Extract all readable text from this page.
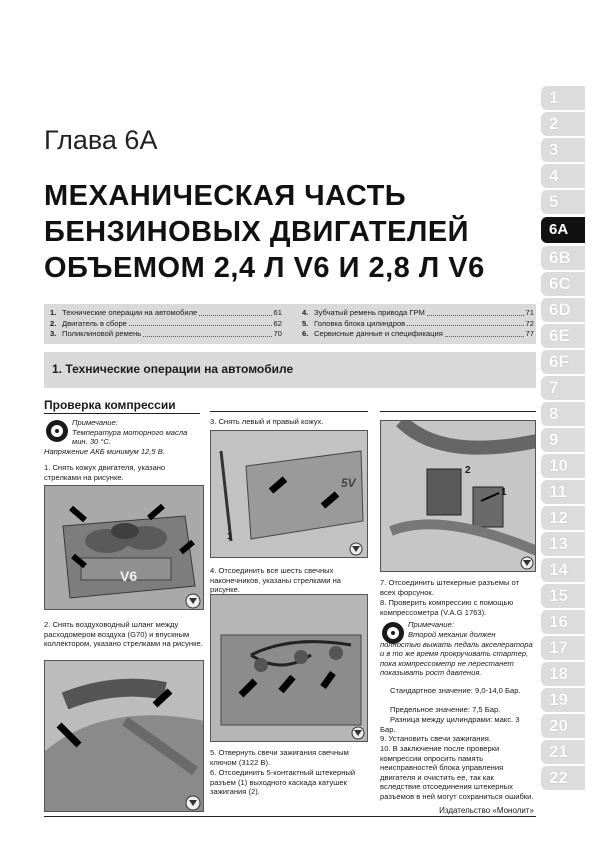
Глава 6А
МЕХАНИЧЕСКАЯ ЧАСТЬ
БЕНЗИНОВЫХ ДВИГАТЕЛЕЙ
ОБЪЕМОМ 2,4 Л V6 И 2,8 Л V6
1. Технические операции на автомобиле	61
2. Двигатель в сборе	62
3. Поликлиновой ремень	70
4. Зубчатый ремень привода ГРМ	71
5. Головка блока цилиндров	72
6. Сервисные данные и спецификация	77
1. Технические операции на автомобиле
Проверка компрессии
Примечание:
Температура моторного масла мин. 30 °С.
Напряжение АКБ минимум 12,5 В.
1. Снять кожух двигателя, указано стрелками на рисунке.
V6
2. Снять воздуховодный шланг между расходомером воздуха (G70) и впускным коллектором, указано стрелками на рисунке.
3. Снять левый и правый кожух.
5V
1
4. Отсоединить все шесть свечных наконечников, указаны стрелками на рисунке.
5. Отвернуть свечи зажигания свечным ключом (3122 В).
6. Отсоединить 5-контактный штекерный разъем (1) выходного каскада катушек зажигания (2).
2
1
7. Отсоединить штекерные разъемы от всех форсунок.
8. Проверить компрессию с помощью компрессометра (V.A.G 1763).
Примечание:
Второй механик должен полностью выжать педаль акселератора и в то же время прокручивать стартер, пока компрессометр не перестанет показывать рост давления.
Стандартное значение: 9,0-14,0 Бар.
Предельное значение: 7,5 Бар.
Разница между цилиндрами: макс. 3 Бар.
9. Установить свечи зажигания.
10. В заключение после проверки компрессии опросить память неисправностей блока управления двигателя и очистить ее, так как вследствие отсоединения штекерных разъемов в ней могут сохраниться ошибки.
Издательство «Монолит»
1
2
3
4
5
6A
6B
6C
6D
6E
6F
7
8
9
10
11
12
13
14
15
16
17
18
19
20
21
22
